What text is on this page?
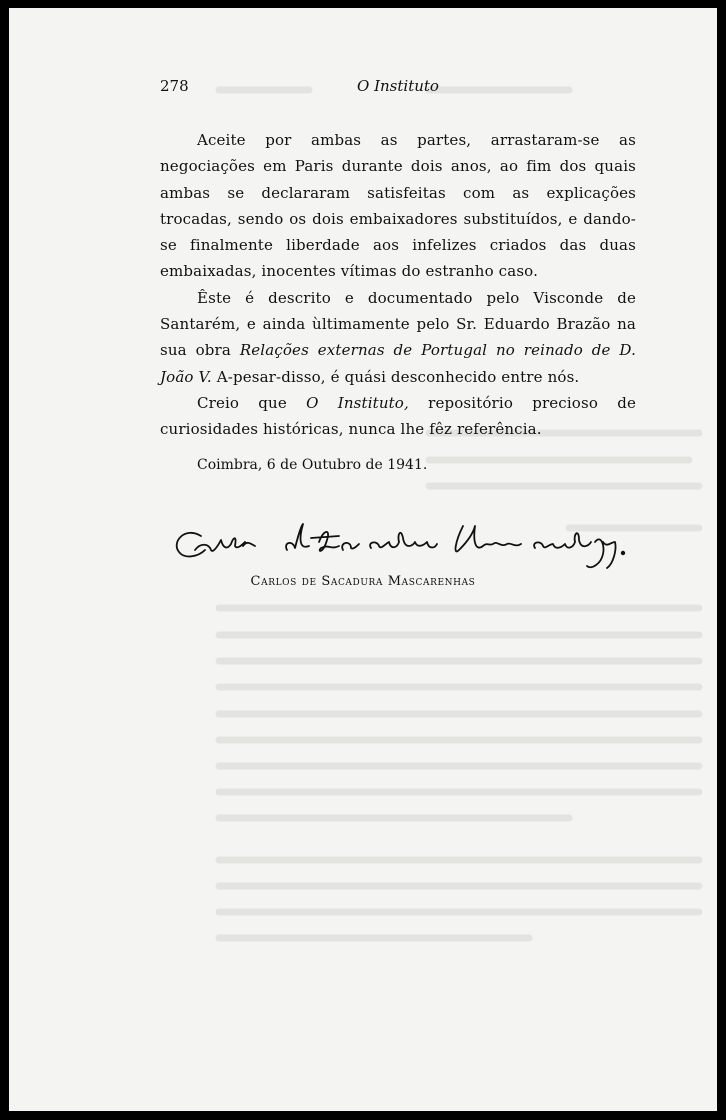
278	O Instituto

Aceite por ambas as partes, arrastaram-se as negociações em Paris durante dois anos, ao fim dos quais ambas se declararam satisfeitas com as explicações trocadas, sendo os dois embaixadores substituídos, e dando-se finalmente liberdade aos infelizes criados das duas embaixadas, inocentes vítimas do estranho caso.

Êste é descrito e documentado pelo Visconde de Santarém, e ainda ùltimamente pelo Sr. Eduardo Brazão na sua obra Relações externas de Portugal no reinado de D. João V. A-pesar-disso, é quási desconhecido entre nós.

Creio que O Instituto, repositório precioso de curiosidades históricas, nunca lhe fêz referência.

Coimbra, 6 de Outubro de 1941.
Carlos de Sacadura Mascarenhas
